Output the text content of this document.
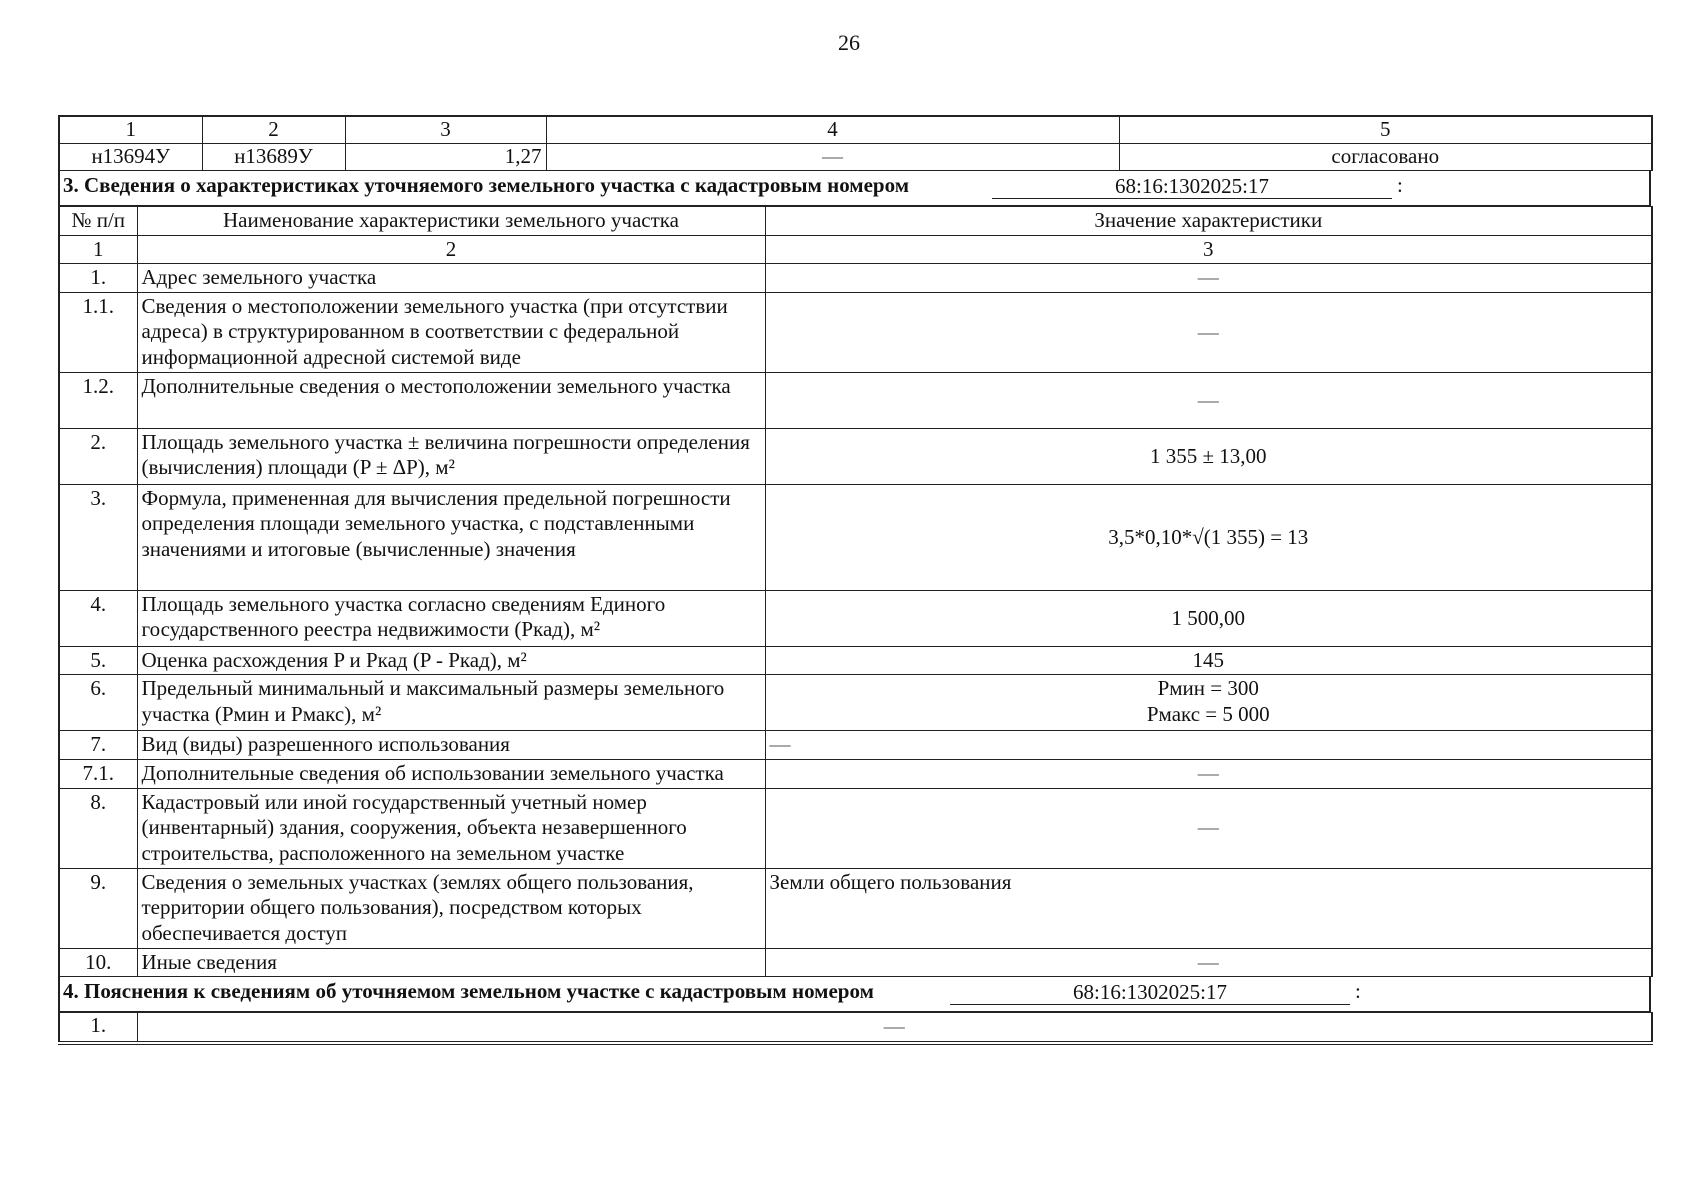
26
1	2	3	4	5
н13694У	н13689У	1,27	—	согласовано
3. Сведения о характеристиках уточняемого земельного участка с кадастровым номером	68:16:1302025:17	:
№ п/п	Наименование характеристики земельного участка	Значение характеристики
1	2	3
1.	Адрес земельного участка	—
1.1.	Сведения о местоположении земельного участка (при отсутствии адреса) в структурированном в соответствии с федеральной информационной адресной системой виде	—
1.2.	Дополнительные сведения о местоположении земельного участка	—
2.	Площадь земельного участка ± величина погрешности определения (вычисления) площади (P ± ΔP), м²	1 355 ± 13,00
3.	Формула, примененная для вычисления предельной погрешности определения площади земельного участка, с подставленными значениями и итоговые (вычисленные) значения	3,5*0,10*√(1 355) = 13
4.	Площадь земельного участка согласно сведениям Единого государственного реестра недвижимости (Ркад), м²	1 500,00
5.	Оценка расхождения P и Pкад (P - Ркад), м²	145
6.	Предельный минимальный и максимальный размеры земельного участка (Pмин и Pмакс), м²	Рмин = 300
Рмакс = 5 000

7.	Вид (виды) разрешенного использования	—
7.1.	Дополнительные сведения об использовании земельного участка	—
8.	Кадастровый или иной государственный учетный номер (инвентарный) здания, сооружения, объекта незавершенного строительства, расположенного на земельном участке	—
9.	Сведения о земельных участках (землях общего пользования, территории общего пользования), посредством которых обеспечивается доступ	Земли общего пользования
10.	Иные сведения	—
4. Пояснения к сведениям об уточняемом земельном участке с кадастровым номером	68:16:1302025:17	:
1.	—
